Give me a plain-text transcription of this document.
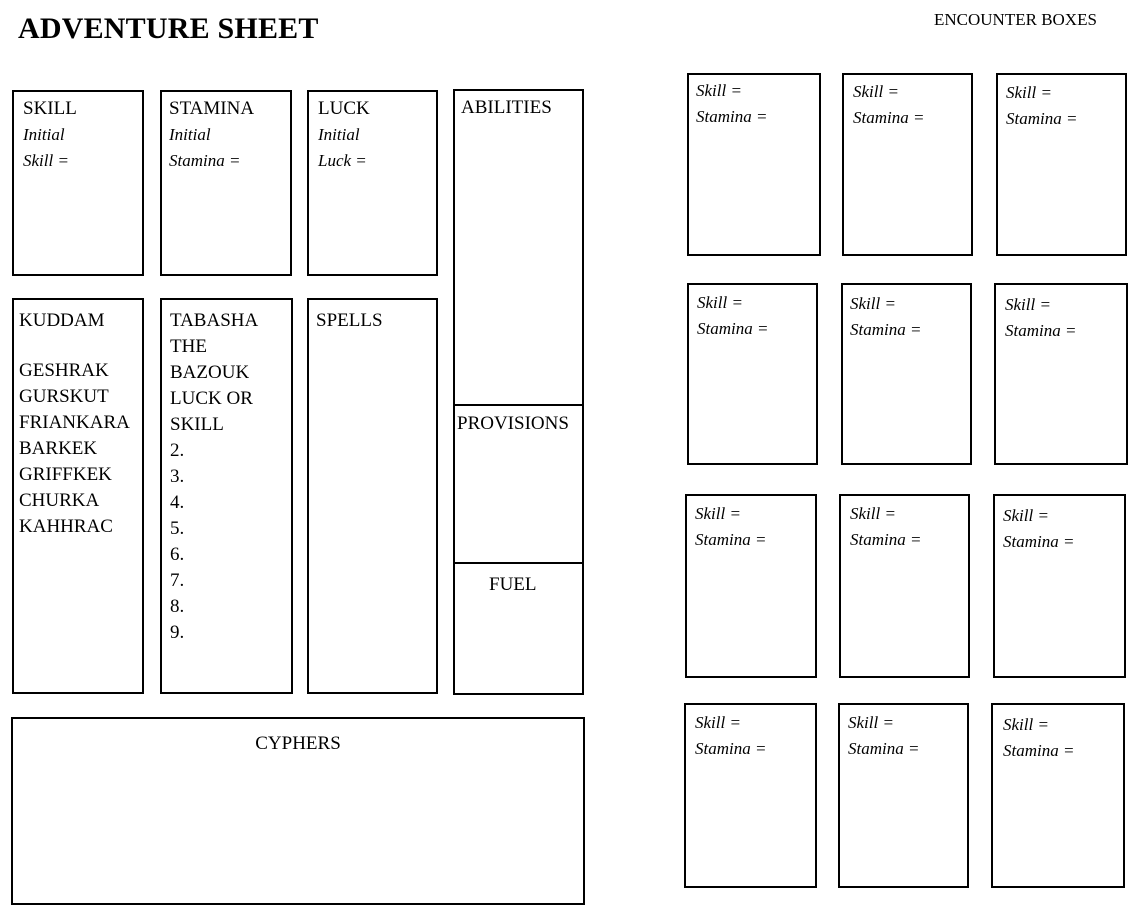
ADVENTURE SHEET	ENCOUNTER BOXES
SKILL
Initial
Skill =
STAMINA
Initial
Stamina =
LUCK
Initial
Luck =
ABILITIES
PROVISIONS
FUEL
KUDDAM
GESHRAK
GURSKUT
FRIANKARA
BARKEK
GRIFFKEK
CHURKA
KAHHRAC
TABASHA
THE
BAZOUK
LUCK OR
SKILL
2.
3.
4.
5.
6.
7.
8.
9.
SPELLS
CYPHERS
Skill =
Stamina =
Skill =
Stamina =
Skill =
Stamina =
Skill =
Stamina =
Skill =
Stamina =
Skill =
Stamina =
Skill =
Stamina =
Skill =
Stamina =
Skill =
Stamina =
Skill =
Stamina =
Skill =
Stamina =
Skill =
Stamina =
